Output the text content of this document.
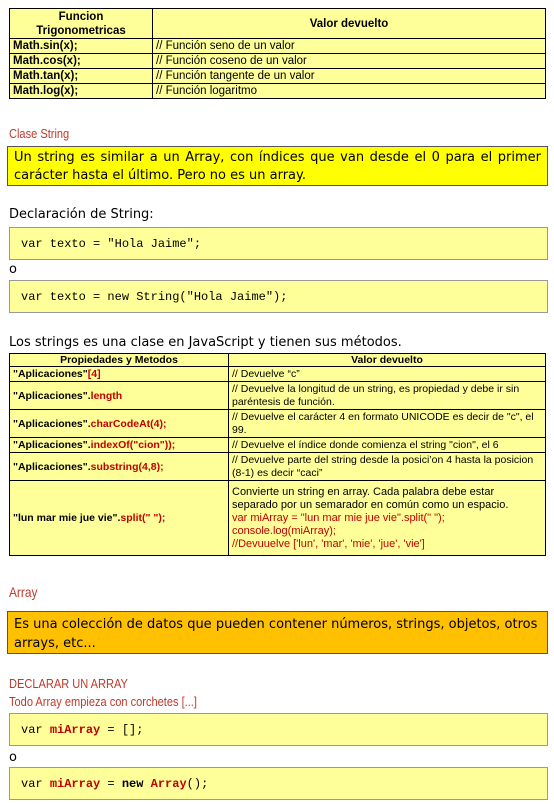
Funcion Trigonometricas	Valor devuelto
Math.sin(x);	// Función seno de un valor
Math.cos(x);	// Función coseno de un valor
Math.tan(x);	// Función tangente de un valor
Math.log(x);	// Función logaritmo
Clase String
Un string es similar a un Array, con índices que van desde el 0 para el primer carácter hasta el último. Pero no es un array.
Declaración de String:
var texto = "Hola Jaime";
o
var texto = new String("Hola Jaime");
Los strings es una clase en JavaScript y tienen sus métodos.
Propiedades y Metodos	Valor devuelto
"Aplicaciones"[4]	// Devuelve “c”
"Aplicaciones".length	// Devuelve la longitud de un string, es propiedad y debe ir sin paréntesis de función.
"Aplicaciones".charCodeAt(4);	// Devuelve el carácter 4 en formato UNICODE es decir de "c", el 99.
"Aplicaciones".indexOf("cion"));	// Devuelve el índice donde comienza el string "cion", el 6
"Aplicaciones".substring(4,8);	// Devuelve parte del string desde la posici’on 4 hasta la posicion (8-1) es decir “caci”
"lun mar mie jue vie".split(" ");	Convierte un string en array. Cada palabra debe estar separado por un semarador en común como un espacio.
var miArray = "lun mar mie jue vie".split(" ");
console.log(miArray);
//Devuuelve ['lun', 'mar', 'mie', 'jue', 'vie']
Array
Es una colección de datos que pueden contener números, strings, objetos, otros arrays, etc...
DECLARAR UN ARRAY
Todo Array empieza con corchetes [...]
var miArray = [];
o
var miArray = new Array();
